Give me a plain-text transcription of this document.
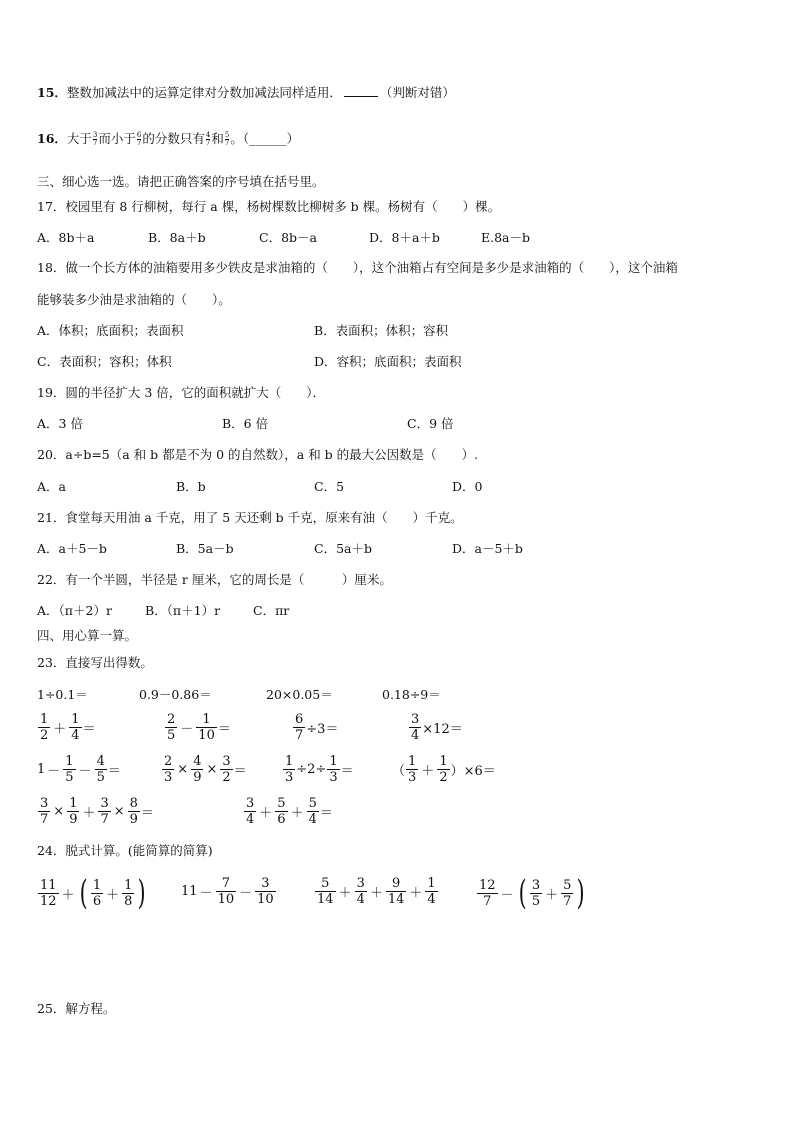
15．整数加减法中的运算定律对分数加减法同样适用．	（判断对错）
16．大于 $\frac{3}{7}$ 而小于 $\frac{6}{7}$ 的分数只有 $\frac{4}{7}$ 和 $\frac{5}{7}$ 。（______）
三、细心选一选。请把正确答案的序号填在括号里。
17．校园里有 8 行柳树，每行 a 棵，杨树棵数比柳树多 b 棵。杨树有（　　）棵。
A．8b＋a	B．8a＋b	C．8b－a	D．8＋a＋b	E.8a－b
18．做一个长方体的油箱要用多少铁皮是求油箱的（　　），这个油箱占有空间是多少是求油箱的（　　），这个油箱
能够装多少油是求油箱的（　　）。
A．体积；底面积；表面积	B．表面积；体积；容积
C．表面积；容积；体积	D．容积；底面积；表面积
19．圆的半径扩大 3 倍，它的面积就扩大（　　）．
A．3 倍	B．6 倍	C．9 倍
20．a÷b=5（a 和 b 都是不为 0 的自然数），a 和 b 的最大公因数是（　　）.
A．a	B．b	C．5	D．0
21．食堂每天用油 a 千克，用了 5 天还剩 b 千克，原来有油（　　）千克。
A．a＋5－b	B．5a－b	C．5a＋b	D．a－5＋b
22．有一个半圆，半径是 r 厘米，它的周长是（　　　）厘米。
A．（π＋2）r	B．（π＋1）r	C．πr
四、用心算一算。
23．直接写出得数。
1÷0.1＝	0.9－0.86＝	20×0.05＝	0.18÷9＝
$\frac{1}{2} + \frac{1}{4}$ ＝	$\frac{2}{5} - \frac{1}{10}$ ＝	$\frac{6}{7} \div 3=$	$\frac{3}{4} \times 12=$
$1 - \frac{1}{5} - \frac{4}{5}$ ＝	$\frac{2}{3} \times \frac{4}{9} \times \frac{3}{2}$ ＝	$\frac{1}{3} \div 2\div \frac{1}{3}$ ＝	（ $\frac{1}{3} + \frac{1}{2} )\times 6=$
$\frac{3}{7} \times \frac{1}{9} + \frac{3}{7} \times \frac{8}{9}$ ＝	$\frac{3}{4} + \frac{5}{6} + \frac{5}{4}$ ＝
24．脱式计算。(能简算的简算)
$\frac{11}{12}$ ＋ ( $\frac{1}{6} + \frac{1}{8}$ )	$11 - \frac{7}{10} - \frac{3}{10}$	$\frac{5}{14} + \frac{3}{4} + \frac{9}{14} + \frac{1}{4}$	$\frac{12}{7}$ － ( $\frac{3}{5} + \frac{5}{7}$ )
25．解方程。
